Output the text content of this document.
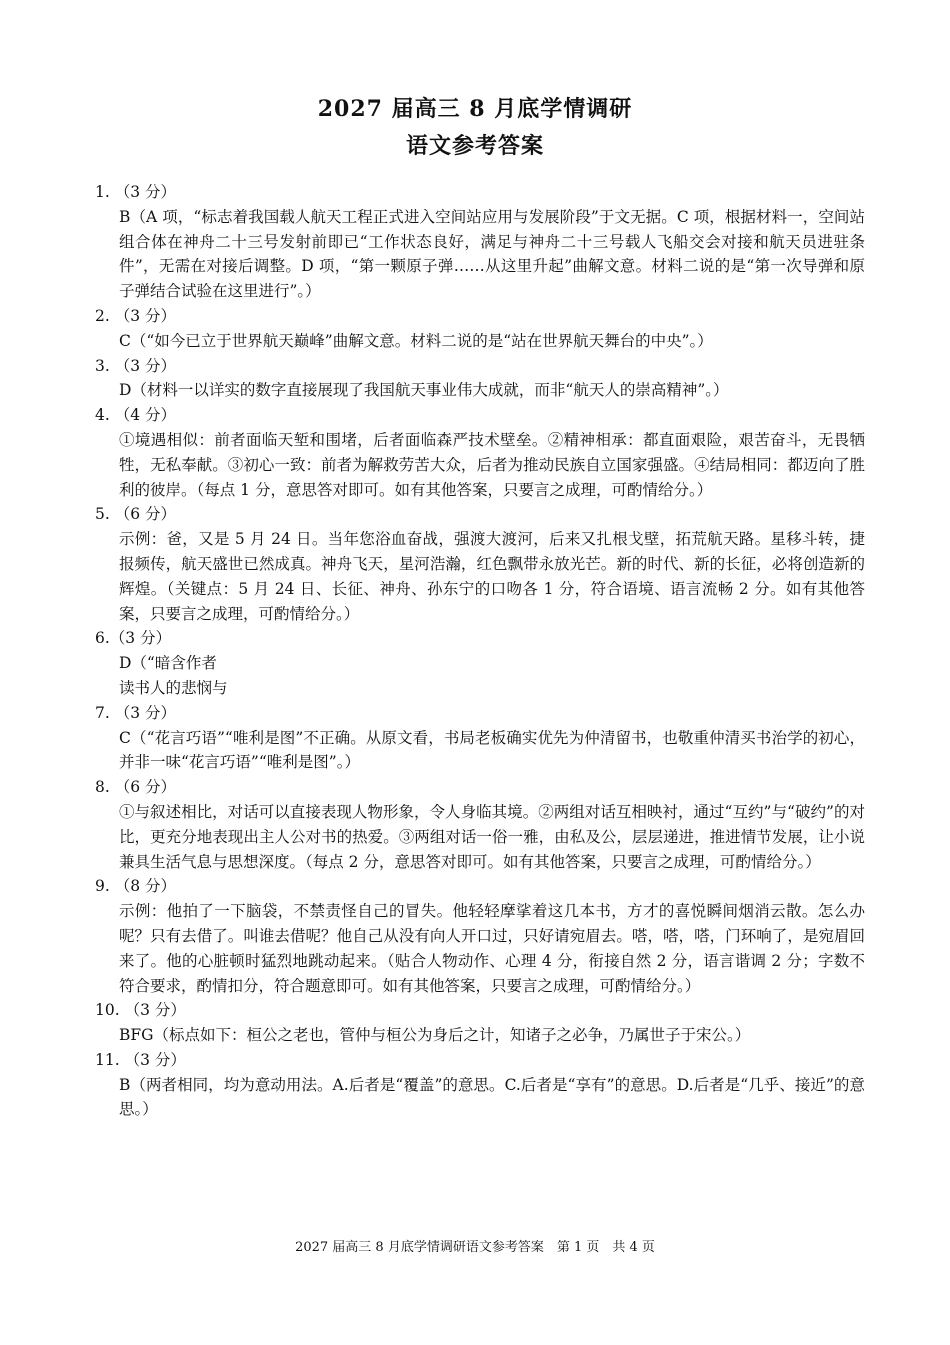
2027 届高三 8 月底学情调研
语文参考答案
1. （3 分）
B（A 项，“标志着我国载人航天工程正式进入空间站应用与发展阶段”于文无据。C 项，根据材料一，空间站组合体在神舟二十三号发射前即已“工作状态良好，满足与神舟二十三号载人飞船交会对接和航天员进驻条件”，无需在对接后调整。D 项，“第一颗原子弹……从这里升起”曲解文意。材料二说的是“第一次导弹和原子弹结合试验在这里进行”。）
2. （3 分）
C（“如今已立于世界航天巅峰”曲解文意。材料二说的是“站在世界航天舞台的中央”。）
3. （3 分）
D（材料一以详实的数字直接展现了我国航天事业伟大成就，而非“航天人的崇高精神”。）
4. （4 分）
①境遇相似：前者面临天堑和围堵，后者面临森严技术壁垒。②精神相承：都直面艰险，艰苦奋斗，无畏牺牲，无私奉献。③初心一致：前者为解救劳苦大众，后者为推动民族自立国家强盛。④结局相同：都迈向了胜利的彼岸。（每点 1 分，意思答对即可。如有其他答案，只要言之成理，可酌情给分。）
5. （6 分）
示例：爸，又是 5 月 24 日。当年您浴血奋战，强渡大渡河，后来又扎根戈壁，拓荒航天路。星移斗转，捷报频传，航天盛世已然成真。神舟飞天，星河浩瀚，红色飘带永放光芒。新的时代、新的长征，必将创造新的辉煌。（关键点：5 月 24 日、长征、神舟、孙东宁的口吻各 1 分，符合语境、语言流畅 2 分。如有其他答案，只要言之成理，可酌情给分。）
6.（3 分）
D（“暗含作者
读书人的悲悯与
7. （3 分）
C（“花言巧语”“唯利是图”不正确。从原文看，书局老板确实优先为仲清留书，也敬重仲清买书治学的初心，并非一味“花言巧语”“唯利是图”。）
8. （6 分）
①与叙述相比，对话可以直接表现人物形象，令人身临其境。②两组对话互相映衬，通过“互约”与“破约”的对比，更充分地表现出主人公对书的热爱。③两组对话一俗一雅，由私及公，层层递进，推进情节发展，让小说兼具生活气息与思想深度。（每点 2 分，意思答对即可。如有其他答案，只要言之成理，可酌情给分。）
9. （8 分）
示例：他拍了一下脑袋，不禁责怪自己的冒失。他轻轻摩挲着这几本书，方才的喜悦瞬间烟消云散。怎么办呢？只有去借了。叫谁去借呢？他自己从没有向人开口过，只好请宛眉去。嗒，嗒，嗒，门环响了，是宛眉回来了。他的心脏顿时猛烈地跳动起来。（贴合人物动作、心理 4 分，衔接自然 2 分，语言谐调 2 分；字数不符合要求，酌情扣分，符合题意即可。如有其他答案，只要言之成理，可酌情给分。）
10. （3 分）
BFG（标点如下：桓公之老也，管仲与桓公为身后之计，知诸子之必争，乃属世子于宋公。）
11. （3 分）
B（两者相同，均为意动用法。A.后者是“覆盖”的意思。C.后者是“享有”的意思。D.后者是“几乎、接近”的意思。）
2027 届高三 8 月底学情调研语文参考答案　第 1 页　共 4 页
